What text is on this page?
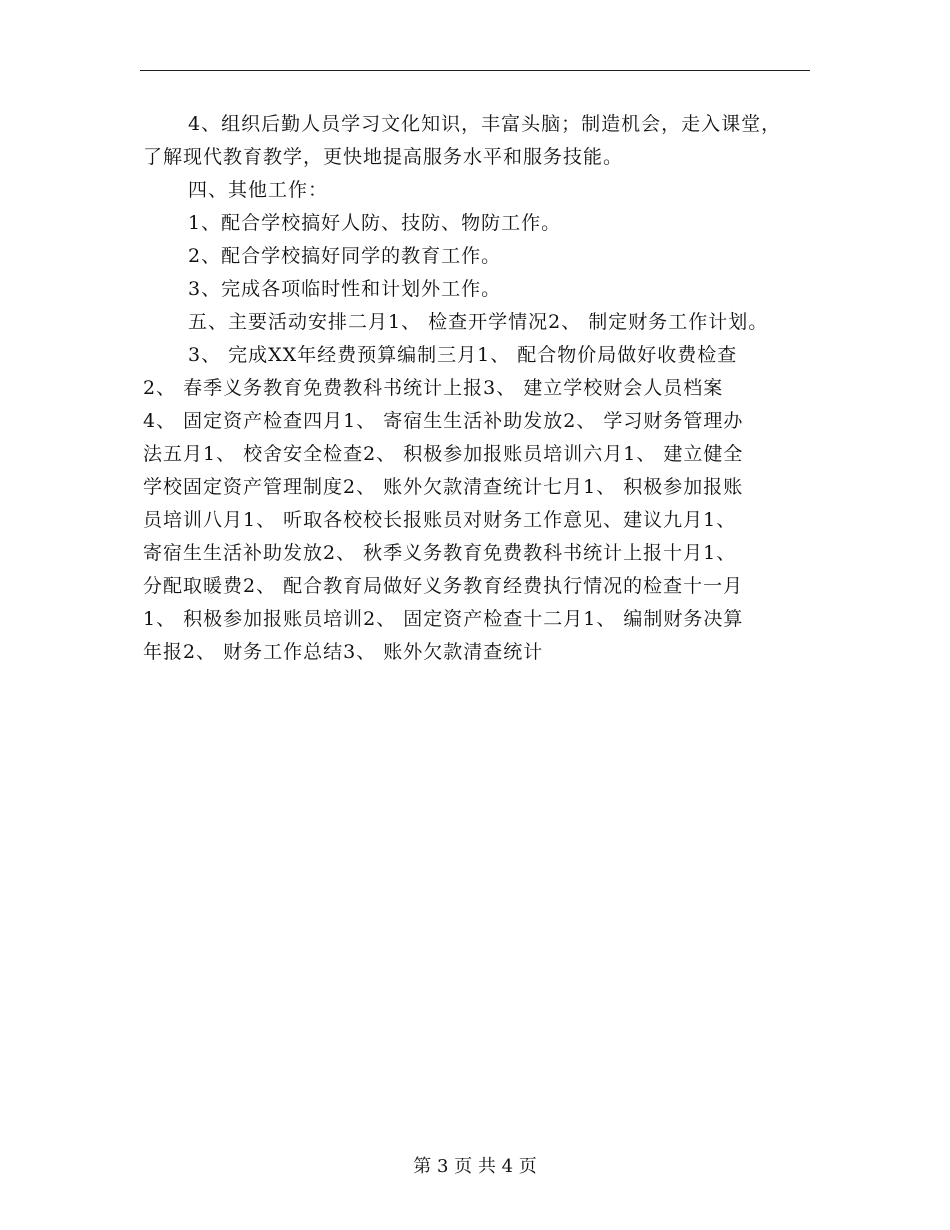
4、组织后勤人员学习文化知识，丰富头脑；制造机会，走入课堂，
了解现代教育教学，更快地提高服务水平和服务技能。
四、其他工作：
1、配合学校搞好人防、技防、物防工作。
2、配合学校搞好同学的教育工作。
3、完成各项临时性和计划外工作。
五、主要活动安排二月1、 检查开学情况2、 制定财务工作计划。
3、 完成XX年经费预算编制三月1、 配合物价局做好收费检查
2、 春季义务教育免费教科书统计上报3、 建立学校财会人员档案
4、 固定资产检查四月1、 寄宿生生活补助发放2、 学习财务管理办
法五月1、 校舍安全检查2、 积极参加报账员培训六月1、 建立健全
学校固定资产管理制度2、 账外欠款清查统计七月1、 积极参加报账
员培训八月1、 听取各校校长报账员对财务工作意见、建议九月1、
寄宿生生活补助发放2、 秋季义务教育免费教科书统计上报十月1、
分配取暖费2、 配合教育局做好义务教育经费执行情况的检查十一月
1、 积极参加报账员培训2、 固定资产检查十二月1、 编制财务决算
年报2、 财务工作总结3、 账外欠款清查统计
第 3 页 共 4 页
